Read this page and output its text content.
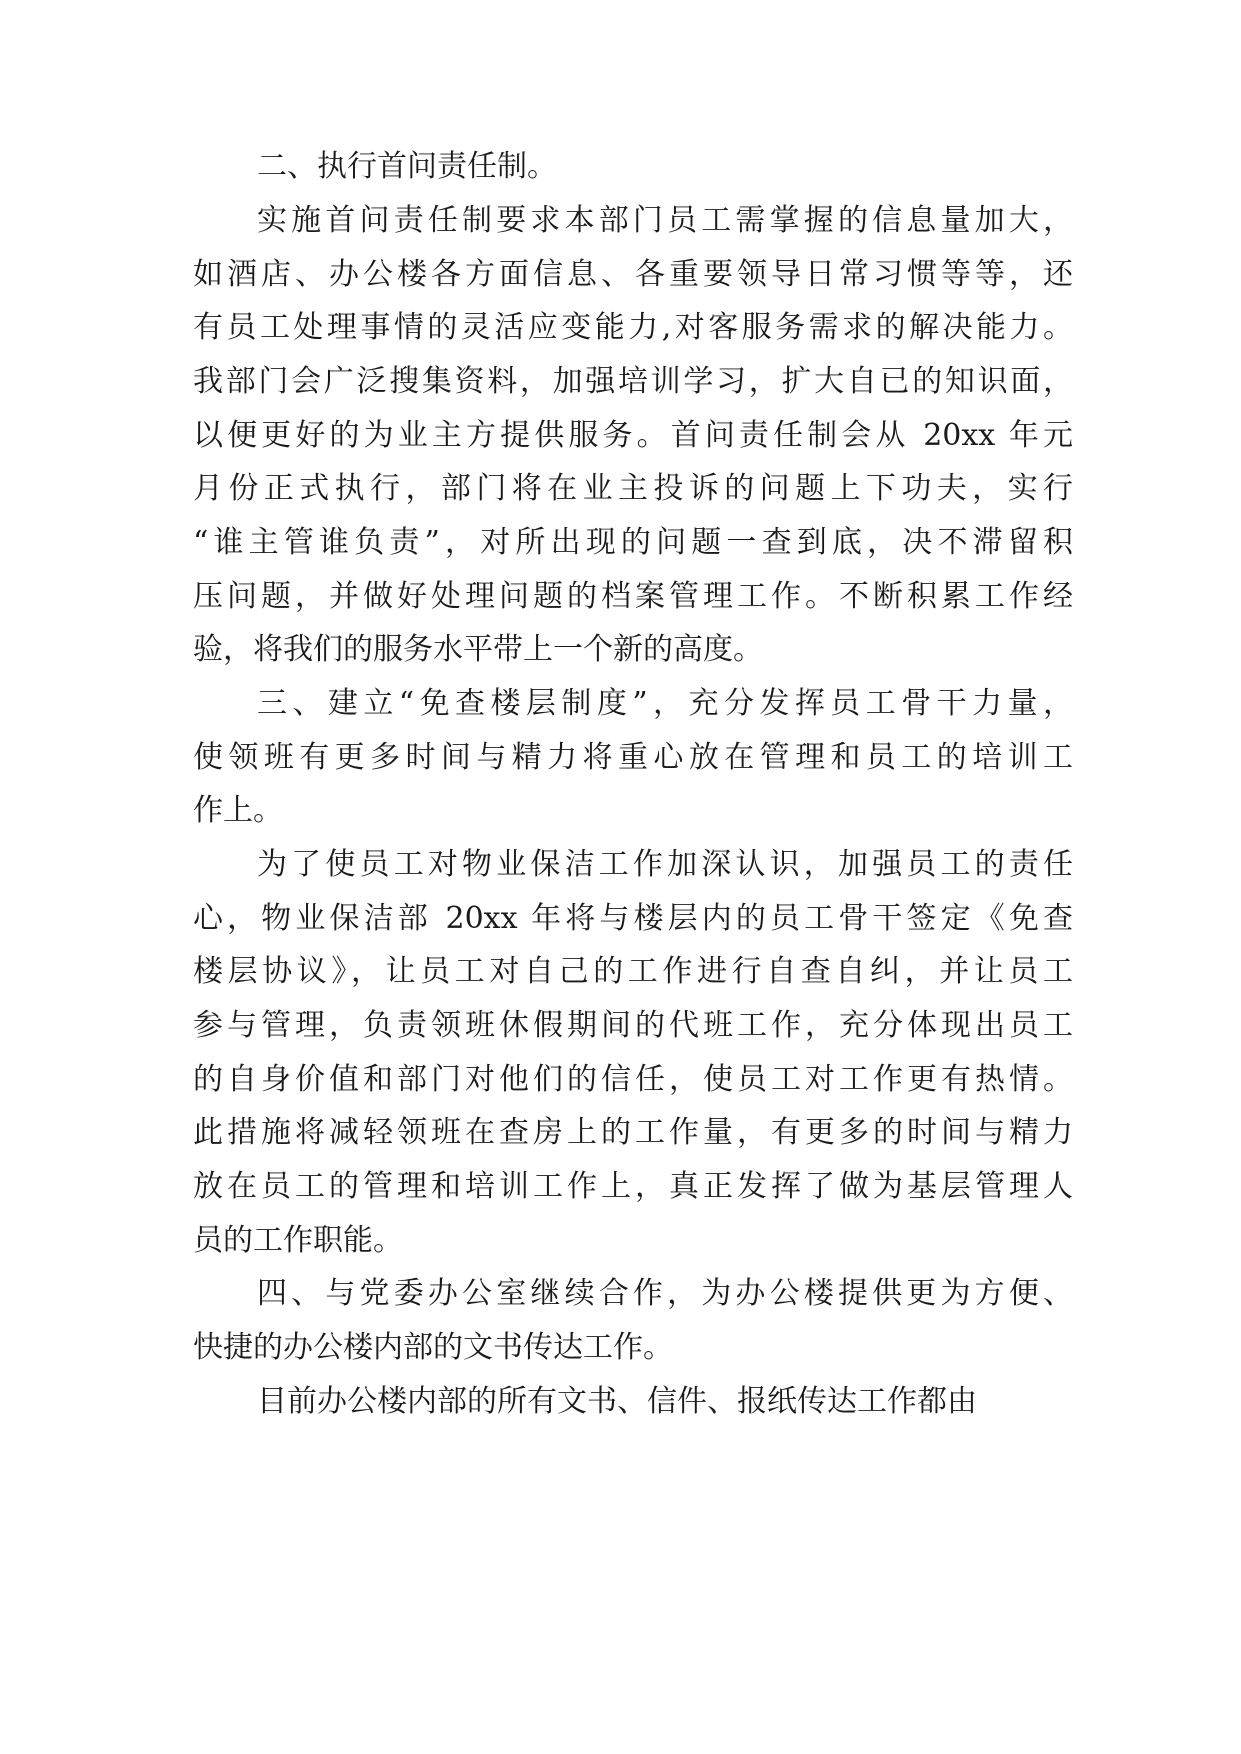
二、执行首问责任制。
实施首问责任制要求本部门员工需掌握的信息量加大，
如酒店、办公楼各方面信息、各重要领导日常习惯等等，还
有员工处理事情的灵活应变能力,对客服务需求的解决能力。
我部门会广泛搜集资料，加强培训学习，扩大自已的知识面，
以便更好的为业主方提供服务。首问责任制会从 20xx 年元
月份正式执行，部门将在业主投诉的问题上下功夫，实行
“谁主管谁负责”，对所出现的问题一查到底，决不滞留积
压问题，并做好处理问题的档案管理工作。不断积累工作经
验，将我们的服务水平带上一个新的高度。
三、建立“免查楼层制度”，充分发挥员工骨干力量，
使领班有更多时间与精力将重心放在管理和员工的培训工
作上。
为了使员工对物业保洁工作加深认识，加强员工的责任
心，物业保洁部 20xx 年将与楼层内的员工骨干签定《免查
楼层协议》，让员工对自己的工作进行自查自纠，并让员工
参与管理，负责领班休假期间的代班工作，充分体现出员工
的自身价值和部门对他们的信任，使员工对工作更有热情。
此措施将减轻领班在查房上的工作量，有更多的时间与精力
放在员工的管理和培训工作上，真正发挥了做为基层管理人
员的工作职能。
四、与党委办公室继续合作，为办公楼提供更为方便、
快捷的办公楼内部的文书传达工作。
目前办公楼内部的所有文书、信件、报纸传达工作都由
